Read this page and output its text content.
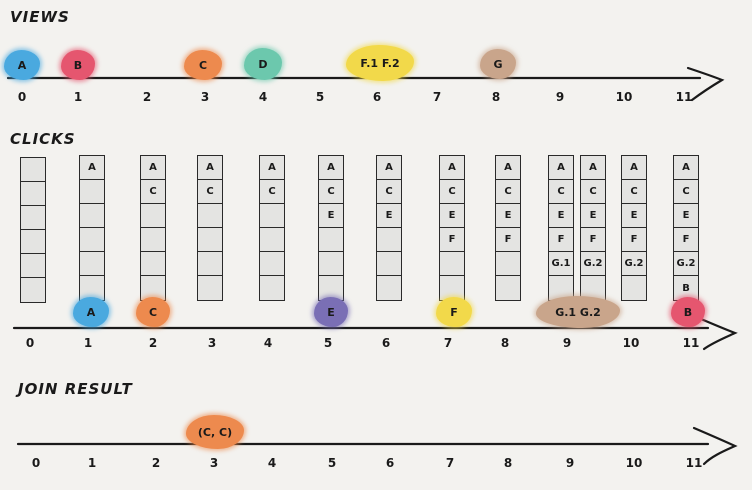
VIEWS
CLICKS
JOIN RESULT
0	1	2	3	4	5	6	7	8	9	10	11
0	1	2	3	4	5	6	7	8	9	10	11
0	1	2	3	4	5	6	7	8	9	10	11
A	A
C
A
C
A
C
A
C
E
A
C
E
A
C
E
F
A
C
E
F
A
C
E
F
G.1
A
C
E
F
G.2
A
C
E
F
G.2
A
C
E
F
G.2
B
A	B	C	D	F.1 F.2	G
A	C	E	F	G.1 G.2	B
(C, C)
